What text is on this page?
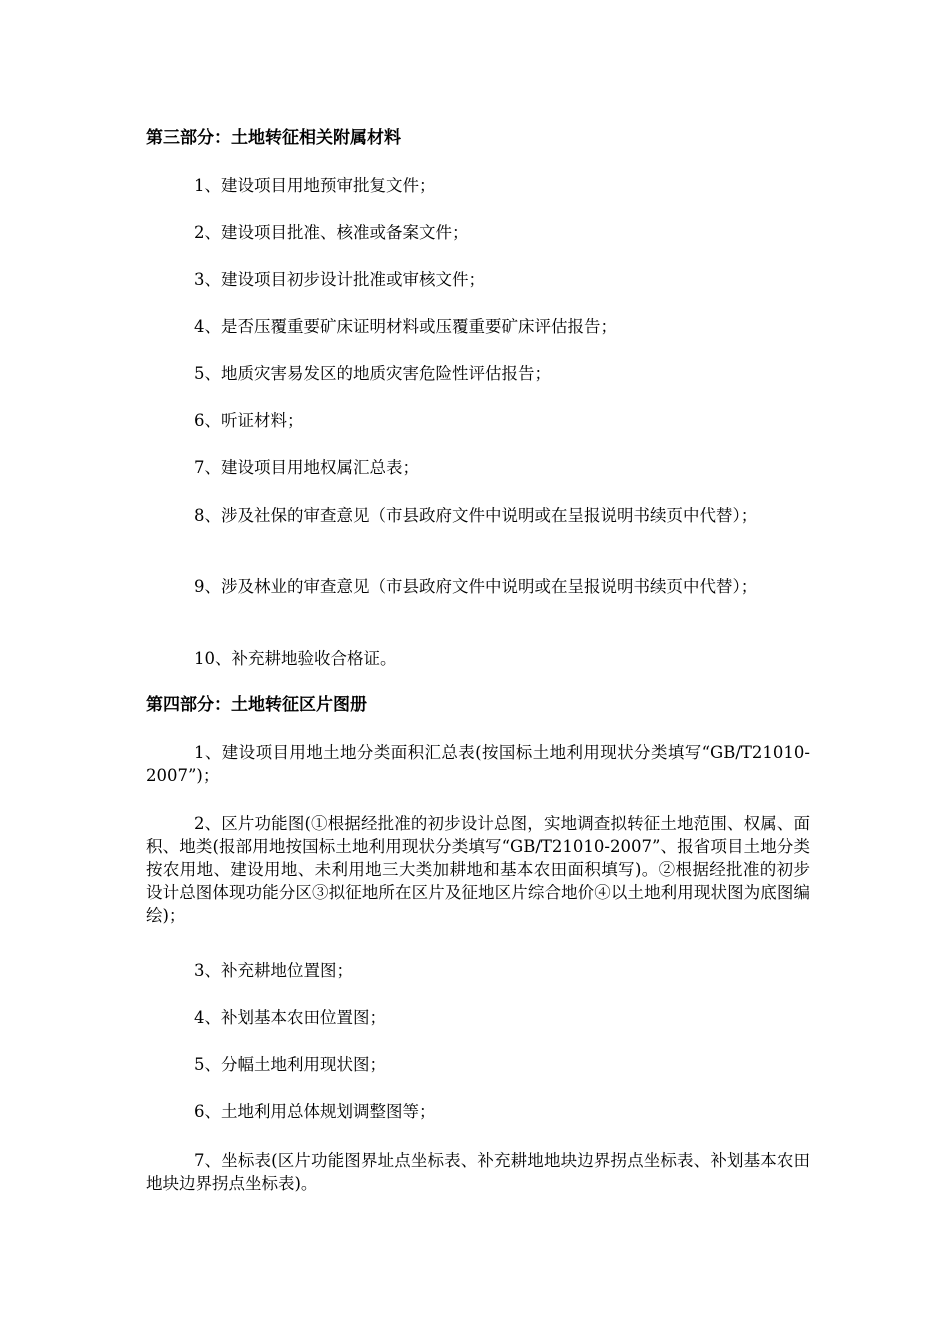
第三部分：土地转征相关附属材料
1、建设项目用地预审批复文件；
2、建设项目批准、核准或备案文件；
3、建设项目初步设计批准或审核文件；
4、是否压覆重要矿床证明材料或压覆重要矿床评估报告；
5、地质灾害易发区的地质灾害危险性评估报告；
6、听证材料；
7、建设项目用地权属汇总表；
8、涉及社保的审查意见（市县政府文件中说明或在呈报说明书续页中代替）；
9、涉及林业的审查意见（市县政府文件中说明或在呈报说明书续页中代替）；
10、补充耕地验收合格证。
第四部分：土地转征区片图册
1、建设项目用地土地分类面积汇总表(按国标土地利用现状分类填写“GB/T21010-2007”)；
2、区片功能图(①根据经批准的初步设计总图，实地调查拟转征土地范围、权属、面积、地类(报部用地按国标土地利用现状分类填写“GB/T21010-2007”、报省项目土地分类按农用地、建设用地、未利用地三大类加耕地和基本农田面积填写)。②根据经批准的初步设计总图体现功能分区③拟征地所在区片及征地区片综合地价④以土地利用现状图为底图编绘)；
3、补充耕地位置图；
4、补划基本农田位置图；
5、分幅土地利用现状图；
6、土地利用总体规划调整图等；
7、坐标表(区片功能图界址点坐标表、补充耕地地块边界拐点坐标表、补划基本农田地块边界拐点坐标表)。
